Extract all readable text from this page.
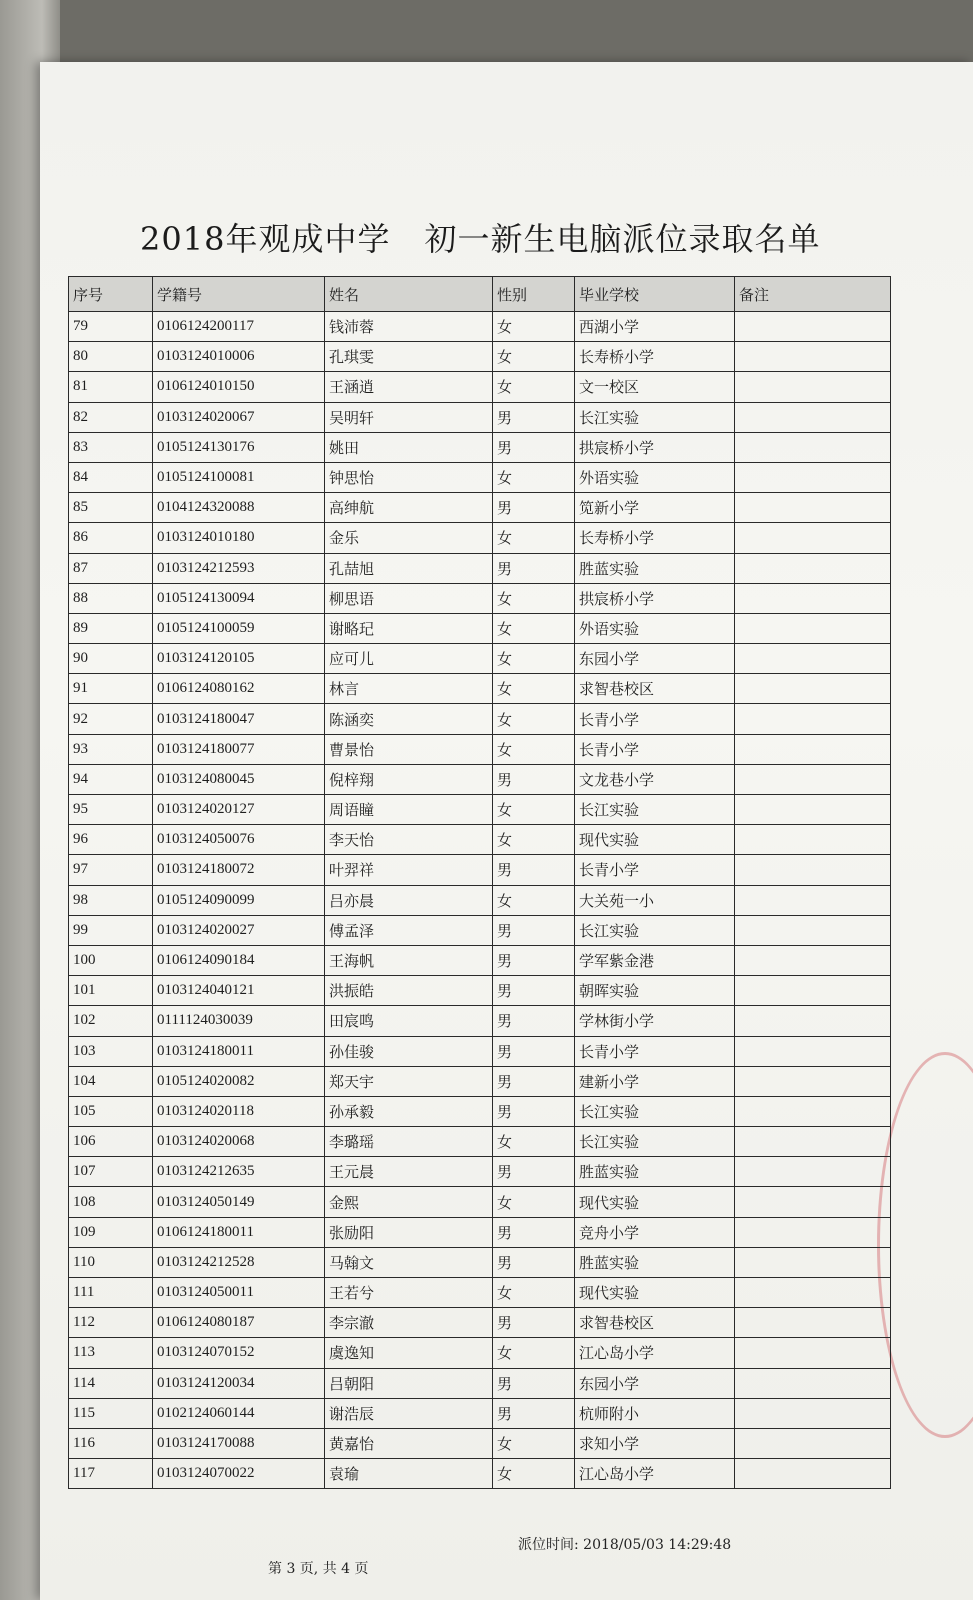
2018年观成中学 初一新生电脑派位录取名单
序号	学籍号	姓名	性别	毕业学校	备注
79	0106124200117	钱沛蓉	女	西湖小学	
80	0103124010006	孔琪雯	女	长寿桥小学	
81	0106124010150	王涵逍	女	文一校区	
82	0103124020067	吴明轩	男	长江实验	
83	0105124130176	姚田	男	拱宸桥小学	
84	0105124100081	钟思怡	女	外语实验	
85	0104124320088	高绅航	男	笕新小学	
86	0103124010180	金乐	女	长寿桥小学	
87	0103124212593	孔喆旭	男	胜蓝实验	
88	0105124130094	柳思语	女	拱宸桥小学	
89	0105124100059	谢略玘	女	外语实验	
90	0103124120105	应可儿	女	东园小学	
91	0106124080162	林言	女	求智巷校区	
92	0103124180047	陈涵奕	女	长青小学	
93	0103124180077	曹景怡	女	长青小学	
94	0103124080045	倪梓翔	男	文龙巷小学	
95	0103124020127	周语瞳	女	长江实验	
96	0103124050076	李天怡	女	现代实验	
97	0103124180072	叶羿祥	男	长青小学	
98	0105124090099	吕亦晨	女	大关苑一小	
99	0103124020027	傅孟泽	男	长江实验	
100	0106124090184	王海帆	男	学军紫金港	
101	0103124040121	洪振皓	男	朝晖实验	
102	0111124030039	田宸鸣	男	学林街小学	
103	0103124180011	孙佳骏	男	长青小学	
104	0105124020082	郑天宇	男	建新小学	
105	0103124020118	孙承毅	男	长江实验	
106	0103124020068	李璐瑶	女	长江实验	
107	0103124212635	王元晨	男	胜蓝实验	
108	0103124050149	金熙	女	现代实验	
109	0106124180011	张励阳	男	竞舟小学	
110	0103124212528	马翰文	男	胜蓝实验	
111	0103124050011	王若兮	女	现代实验	
112	0106124080187	李宗澈	男	求智巷校区	
113	0103124070152	虞逸知	女	江心岛小学	
114	0103124120034	吕朝阳	男	东园小学	
115	0102124060144	谢浩辰	男	杭师附小	
116	0103124170088	黄嘉怡	女	求知小学	
117	0103124070022	袁瑜	女	江心岛小学	
派位时间: 2018/05/03 14:29:48
第 3 页, 共 4 页
